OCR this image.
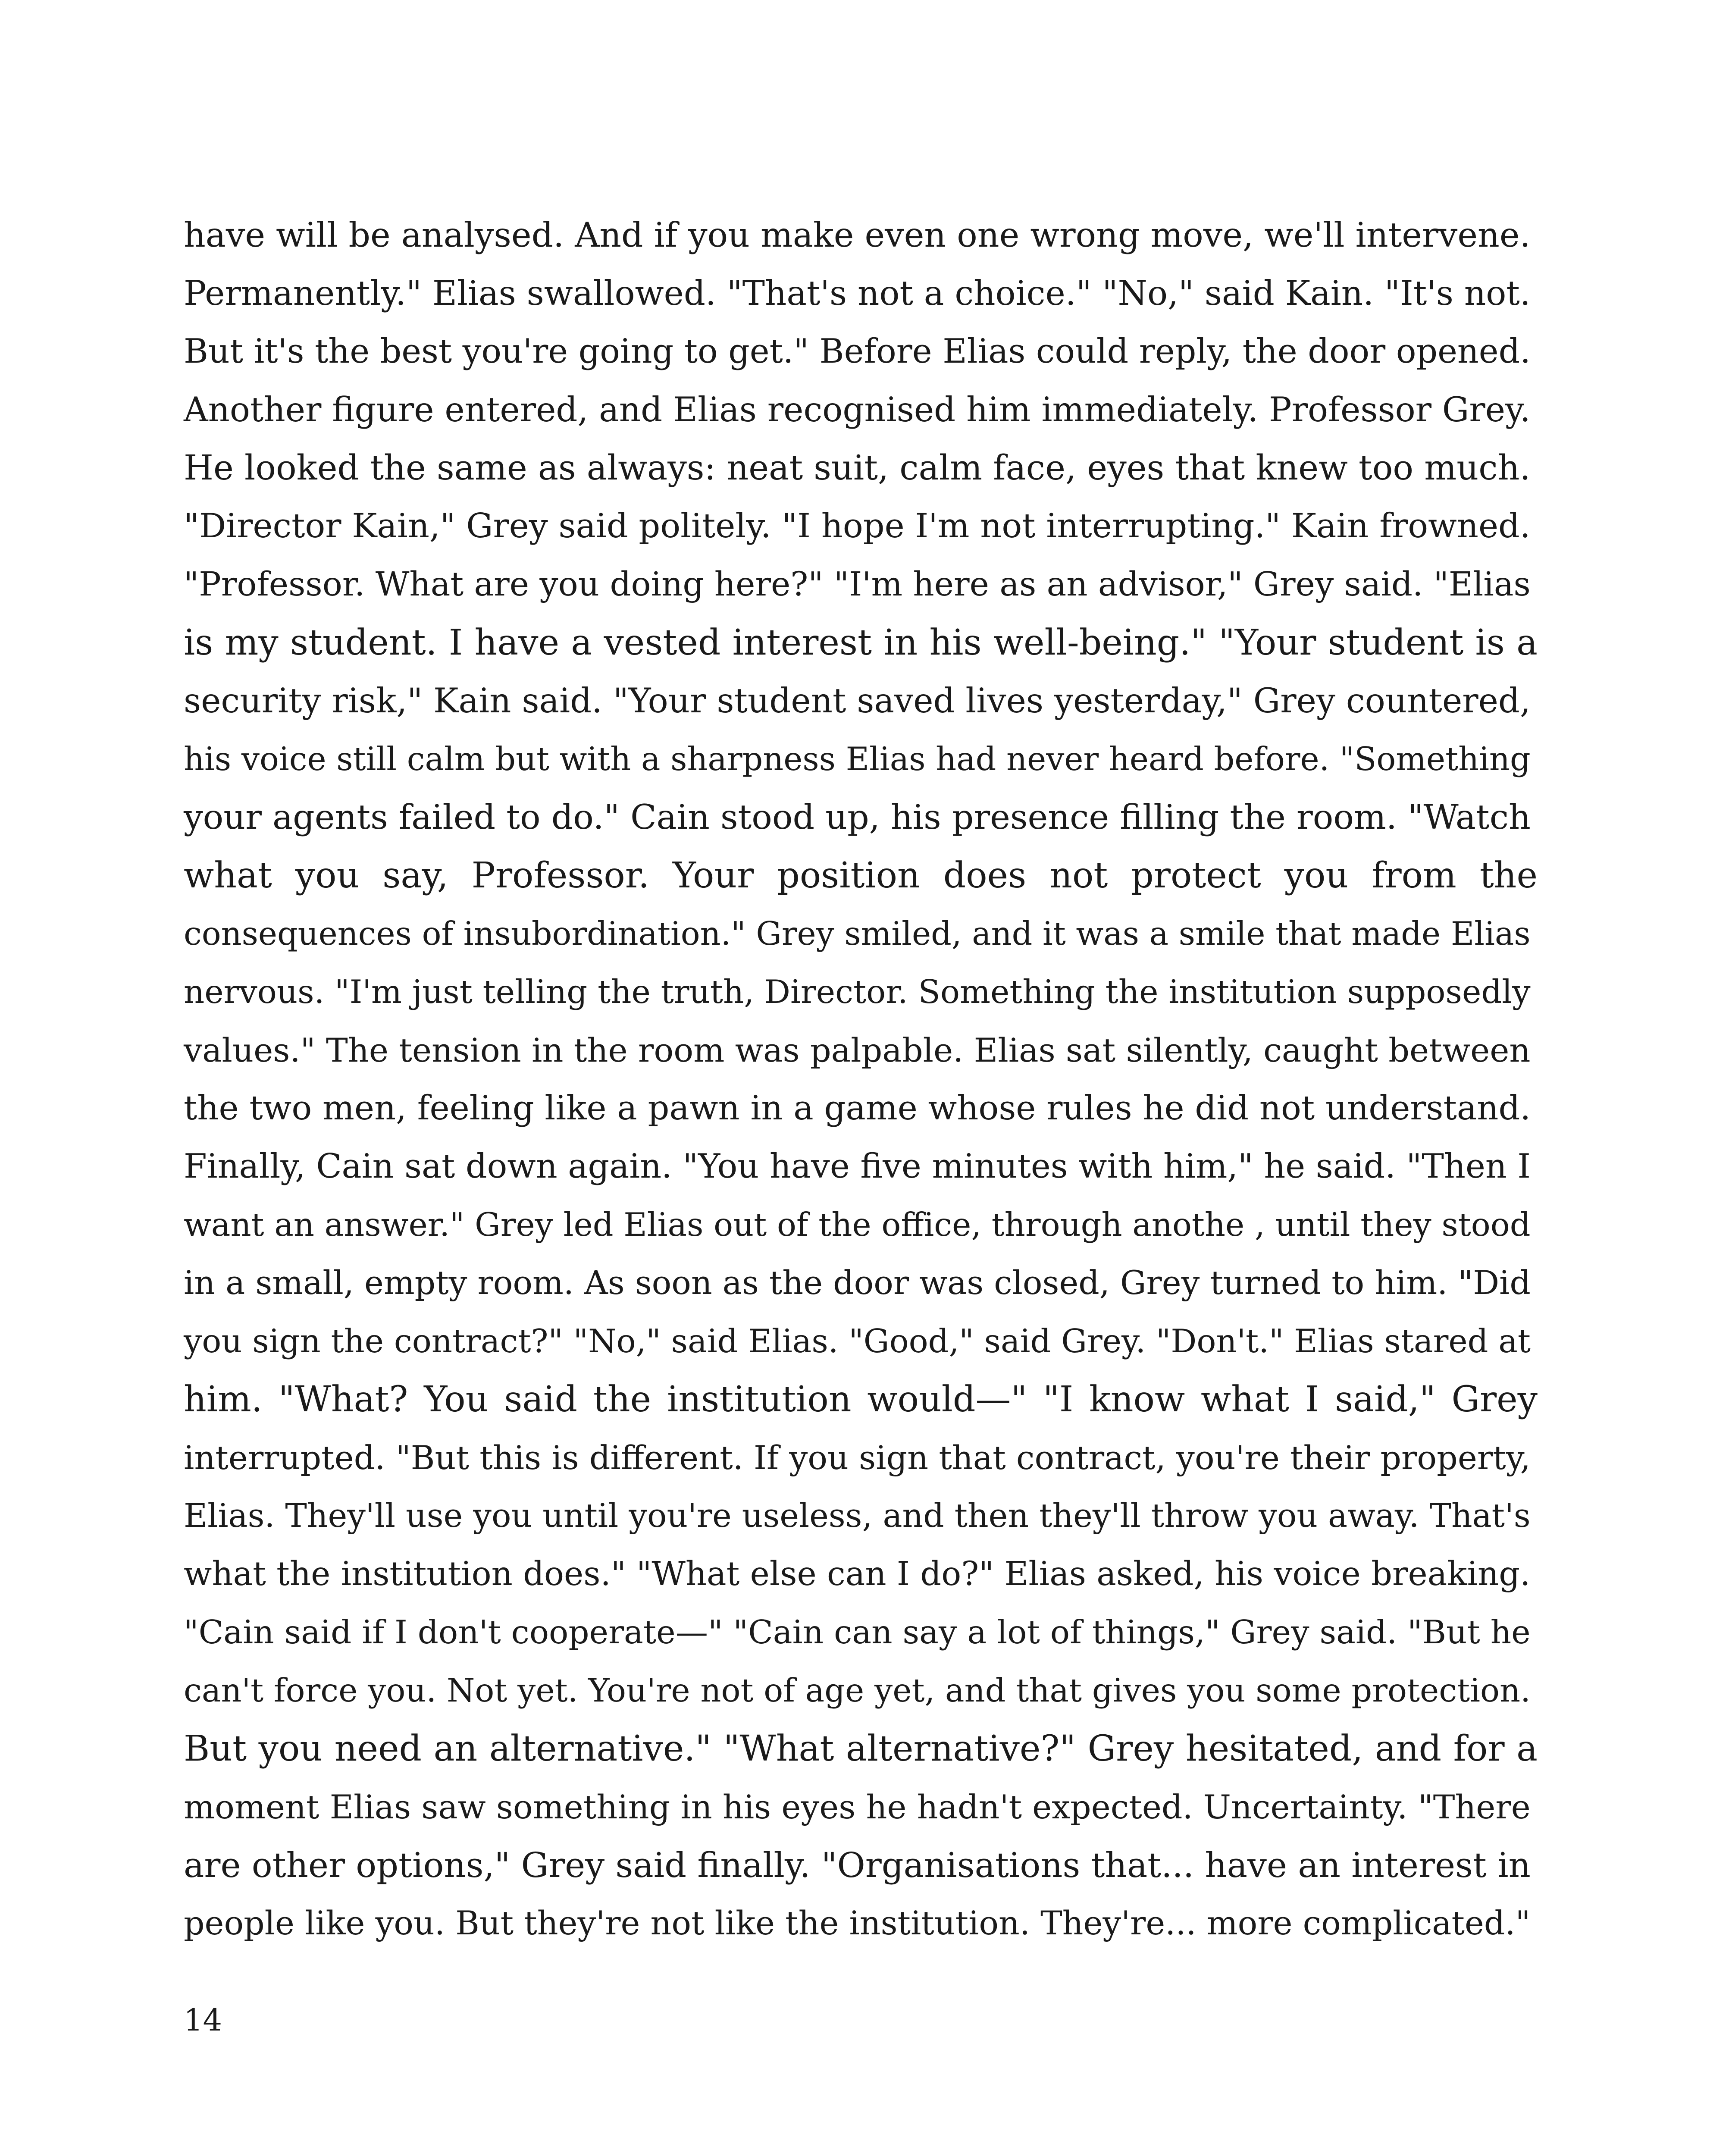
have will be analysed. And if you make even one wrong move, we'll intervene.
Permanently." Elias swallowed. "That's not a choice." "No," said Kain. "It's not.
But it's the best you're going to get." Before Elias could reply, the door opened.
Another figure entered, and Elias recognised him immediately. Professor Grey.
He looked the same as always: neat suit, calm face, eyes that knew too much.
"Director Kain," Grey said politely. "I hope I'm not interrupting." Kain frowned.
"Professor. What are you doing here?" "I'm here as an advisor," Grey said. "Elias
is my student. I have a vested interest in his well-being." "Your student is a
security risk," Kain said. "Your student saved lives yesterday," Grey countered,
his voice still calm but with a sharpness Elias had never heard before. "Something
your agents failed to do." Cain stood up, his presence filling the room. "Watch
what you say, Professor. Your position does not protect you from the
consequences of insubordination." Grey smiled, and it was a smile that made Elias
nervous. "I'm just telling the truth, Director. Something the institution supposedly
values." The tension in the room was palpable. Elias sat silently, caught between
the two men, feeling like a pawn in a game whose rules he did not understand.
Finally, Cain sat down again. "You have five minutes with him," he said. "Then I
want an answer." Grey led Elias out of the office, through anothe , until they stood
in a small, empty room. As soon as the door was closed, Grey turned to him. "Did
you sign the contract?" "No," said Elias. "Good," said Grey. "Don't." Elias stared at
him. "What? You said the institution would—" "I know what I said," Grey
interrupted. "But this is different. If you sign that contract, you're their property,
Elias. They'll use you until you're useless, and then they'll throw you away. That's
what the institution does." "What else can I do?" Elias asked, his voice breaking.
"Cain said if I don't cooperate—" "Cain can say a lot of things," Grey said. "But he
can't force you. Not yet. You're not of age yet, and that gives you some protection.
But you need an alternative." "What alternative?" Grey hesitated, and for a
moment Elias saw something in his eyes he hadn't expected. Uncertainty. "There
are other options," Grey said finally. "Organisations that... have an interest in
people like you. But they're not like the institution. They're... more complicated."
14
